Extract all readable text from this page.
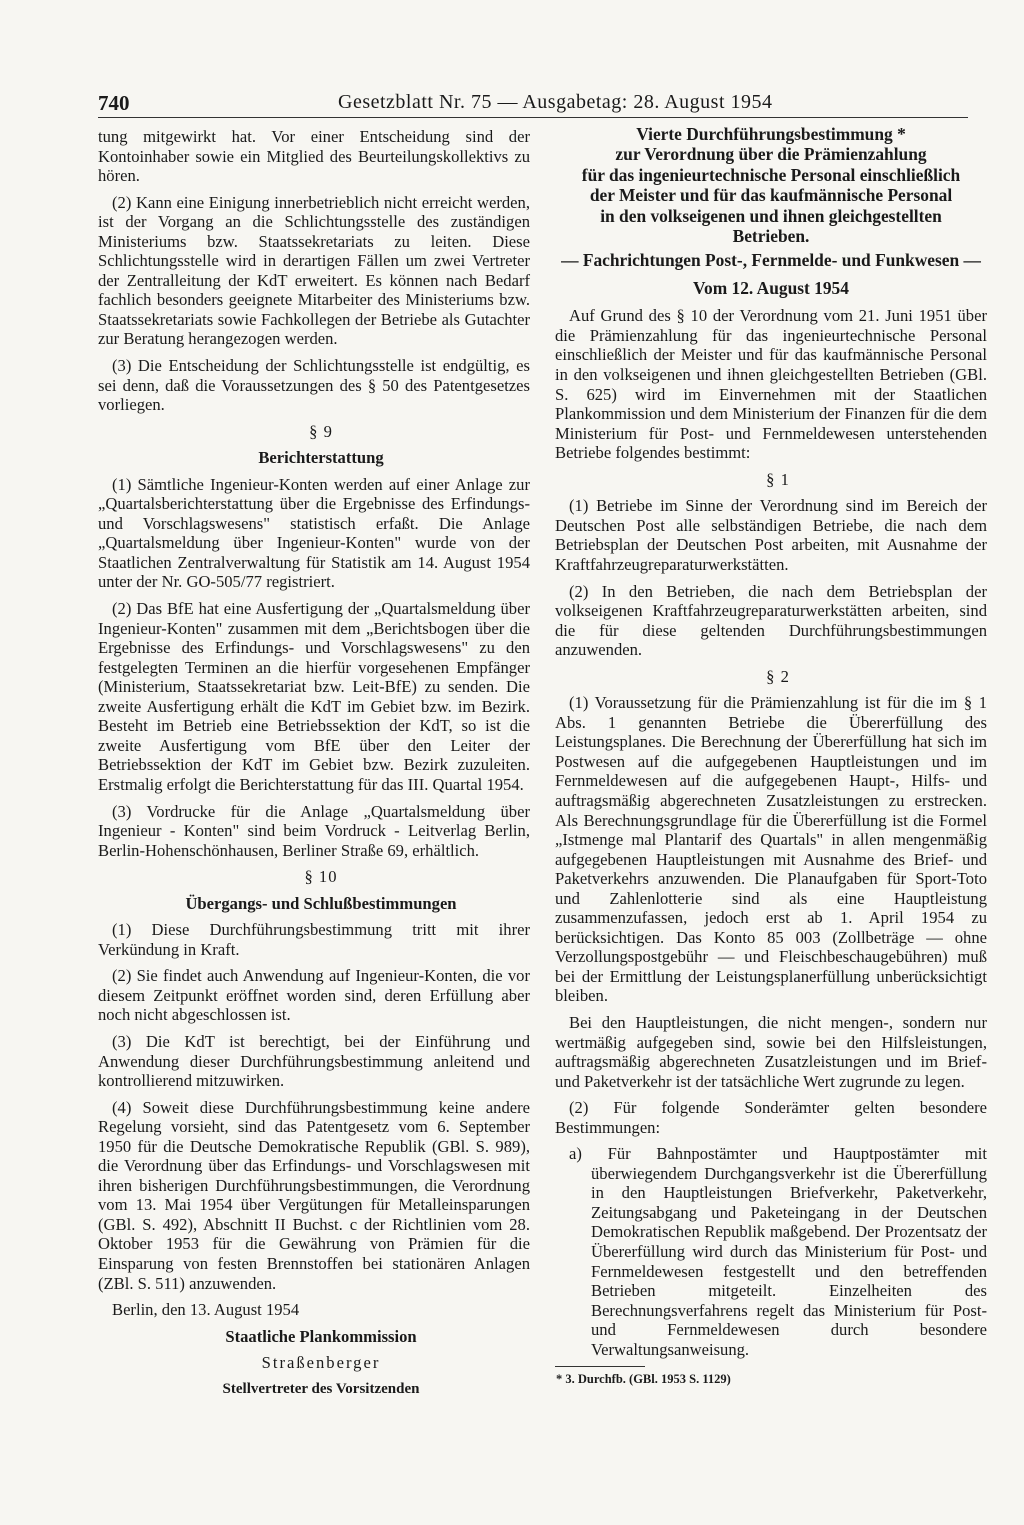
740	Gesetzblatt Nr. 75 — Ausgabetag: 28. August 1954

tung mitgewirkt hat. Vor einer Entscheidung sind der Kontoinhaber sowie ein Mitglied des Beurteilungskollektivs zu hören.

(2) Kann eine Einigung innerbetrieblich nicht erreicht werden, ist der Vorgang an die Schlichtungsstelle des zuständigen Ministeriums bzw. Staatssekretariats zu leiten. Diese Schlichtungsstelle wird in derartigen Fällen um zwei Vertreter der Zentralleitung der KdT erweitert. Es können nach Bedarf fachlich besonders geeignete Mitarbeiter des Ministeriums bzw. Staatssekretariats sowie Fachkollegen der Betriebe als Gutachter zur Beratung herangezogen werden.

(3) Die Entscheidung der Schlichtungsstelle ist endgültig, es sei denn, daß die Voraussetzungen des § 50 des Patentgesetzes vorliegen.

§ 9

Berichterstattung

(1) Sämtliche Ingenieur-Konten werden auf einer Anlage zur „Quartalsberichterstattung über die Ergebnisse des Erfindungs- und Vorschlagswesens" statistisch erfaßt. Die Anlage „Quartalsmeldung über Ingenieur-Konten" wurde von der Staatlichen Zentralverwaltung für Statistik am 14. August 1954 unter der Nr. GO-505/77 registriert.

(2) Das BfE hat eine Ausfertigung der „Quartalsmeldung über Ingenieur-Konten" zusammen mit dem „Berichtsbogen über die Ergebnisse des Erfindungs- und Vorschlagswesens" zu den festgelegten Terminen an die hierfür vorgesehenen Empfänger (Ministerium, Staatssekretariat bzw. Leit-BfE) zu senden. Die zweite Ausfertigung erhält die KdT im Gebiet bzw. im Bezirk. Besteht im Betrieb eine Betriebssektion der KdT, so ist die zweite Ausfertigung vom BfE über den Leiter der Betriebssektion der KdT im Gebiet bzw. Bezirk zuzuleiten. Erstmalig erfolgt die Berichterstattung für das III. Quartal 1954.

(3) Vordrucke für die Anlage „Quartalsmeldung über Ingenieur - Konten" sind beim Vordruck - Leitverlag Berlin, Berlin-Hohenschönhausen, Berliner Straße 69, erhältlich.

§ 10

Übergangs- und Schlußbestimmungen

(1) Diese Durchführungsbestimmung tritt mit ihrer Verkündung in Kraft.

(2) Sie findet auch Anwendung auf Ingenieur-Konten, die vor diesem Zeitpunkt eröffnet worden sind, deren Erfüllung aber noch nicht abgeschlossen ist.

(3) Die KdT ist berechtigt, bei der Einführung und Anwendung dieser Durchführungsbestimmung anleitend und kontrollierend mitzuwirken.

(4) Soweit diese Durchführungsbestimmung keine andere Regelung vorsieht, sind das Patentgesetz vom 6. September 1950 für die Deutsche Demokratische Republik (GBl. S. 989), die Verordnung über das Erfindungs- und Vorschlagswesen mit ihren bisherigen Durchführungsbestimmungen, die Verordnung vom 13. Mai 1954 über Vergütungen für Metalleinsparungen (GBl. S. 492), Abschnitt II Buchst. c der Richtlinien vom 28. Oktober 1953 für die Gewährung von Prämien für die Einsparung von festen Brennstoffen bei stationären Anlagen (ZBl. S. 511) anzuwenden.

Berlin, den 13. August 1954

Staatliche Plankommission

Straßenberger

Stellvertreter des Vorsitzenden

Vierte Durchführungsbestimmung *
zur Verordnung über die Prämienzahlung
für das ingenieurtechnische Personal einschließlich
der Meister und für das kaufmännische Personal
in den volkseigenen und ihnen gleichgestellten
Betrieben.
— Fachrichtungen Post-, Fernmelde- und Funkwesen —
Vom 12. August 1954

Auf Grund des § 10 der Verordnung vom 21. Juni 1951 über die Prämienzahlung für das ingenieurtechnische Personal einschließlich der Meister und für das kaufmännische Personal in den volkseigenen und ihnen gleichgestellten Betrieben (GBl. S. 625) wird im Einvernehmen mit der Staatlichen Plankommission und dem Ministerium der Finanzen für die dem Ministerium für Post- und Fernmeldewesen unterstehenden Betriebe folgendes bestimmt:

§ 1

(1) Betriebe im Sinne der Verordnung sind im Bereich der Deutschen Post alle selbständigen Betriebe, die nach dem Betriebsplan der Deutschen Post arbeiten, mit Ausnahme der Kraftfahrzeugreparaturwerkstätten.

(2) In den Betrieben, die nach dem Betriebsplan der volkseigenen Kraftfahrzeugreparaturwerkstätten arbeiten, sind die für diese geltenden Durchführungsbestimmungen anzuwenden.

§ 2

(1) Voraussetzung für die Prämienzahlung ist für die im § 1 Abs. 1 genannten Betriebe die Übererfüllung des Leistungsplanes. Die Berechnung der Übererfüllung hat sich im Postwesen auf die aufgegebenen Hauptleistungen und im Fernmeldewesen auf die aufgegebenen Haupt-, Hilfs- und auftragsmäßig abgerechneten Zusatzleistungen zu erstrecken. Als Berechnungsgrundlage für die Übererfüllung ist die Formel „Istmenge mal Plantarif des Quartals" in allen mengenmäßig aufgegebenen Hauptleistungen mit Ausnahme des Brief- und Paketverkehrs anzuwenden. Die Planaufgaben für Sport-Toto und Zahlenlotterie sind als eine Hauptleistung zusammenzufassen, jedoch erst ab 1. April 1954 zu berücksichtigen. Das Konto 85 003 (Zollbeträge — ohne Verzollungspostgebühr — und Fleischbeschaugebühren) muß bei der Ermittlung der Leistungsplanerfüllung unberücksichtigt bleiben.

Bei den Hauptleistungen, die nicht mengen-, sondern nur wertmäßig aufgegeben sind, sowie bei den Hilfsleistungen, auftragsmäßig abgerechneten Zusatzleistungen und im Brief- und Paketverkehr ist der tatsächliche Wert zugrunde zu legen.

(2) Für folgende Sonderämter gelten besondere Bestimmungen:

a) Für Bahnpostämter und Hauptpostämter mit überwiegendem Durchgangsverkehr ist die Übererfüllung in den Hauptleistungen Briefverkehr, Paketverkehr, Zeitungsabgang und Paketeingang in der Deutschen Demokratischen Republik maßgebend. Der Prozentsatz der Übererfüllung wird durch das Ministerium für Post- und Fernmeldewesen festgestellt und den betreffenden Betrieben mitgeteilt. Einzelheiten des Berechnungsverfahrens regelt das Ministerium für Post- und Fernmeldewesen durch besondere Verwaltungsanweisung.

* 3. Durchfb. (GBl. 1953 S. 1129)
